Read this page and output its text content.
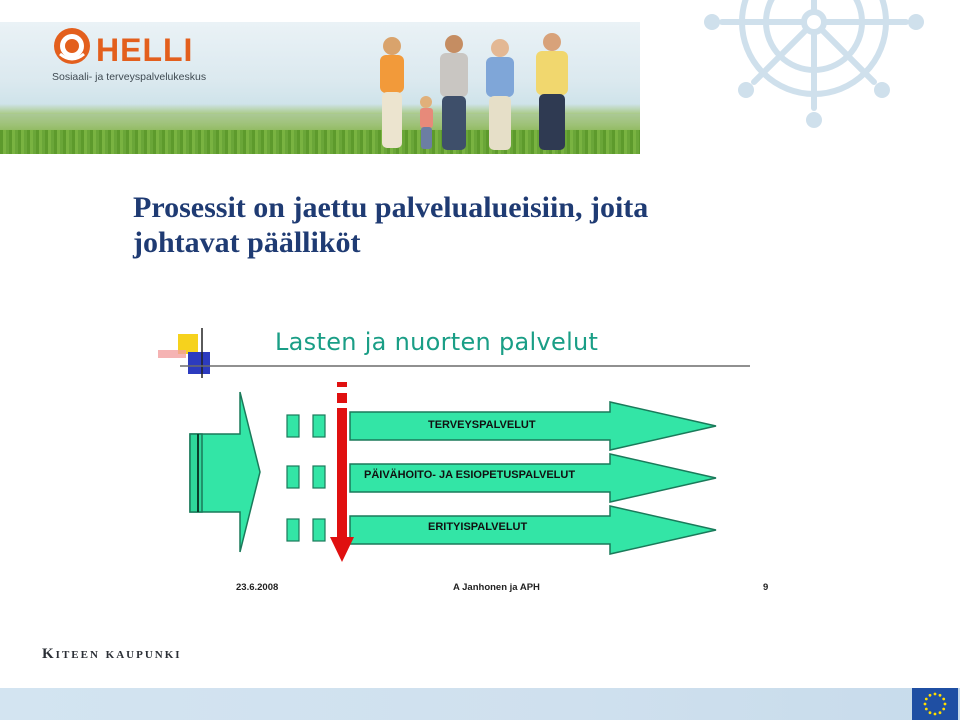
HELLI
Sosiaali- ja terveyspalvelukeskus
Prosessit on jaettu palvelualueisiin, joita
johtavat päälliköt
Lasten ja nuorten palvelut
TERVEYSPALVELUT
PÄIVÄHOITO- JA ESIOPETUSPALVELUT
ERITYISPALVELUT
23.6.2008	A Janhonen ja APH	9
Kiteen kaupunki
